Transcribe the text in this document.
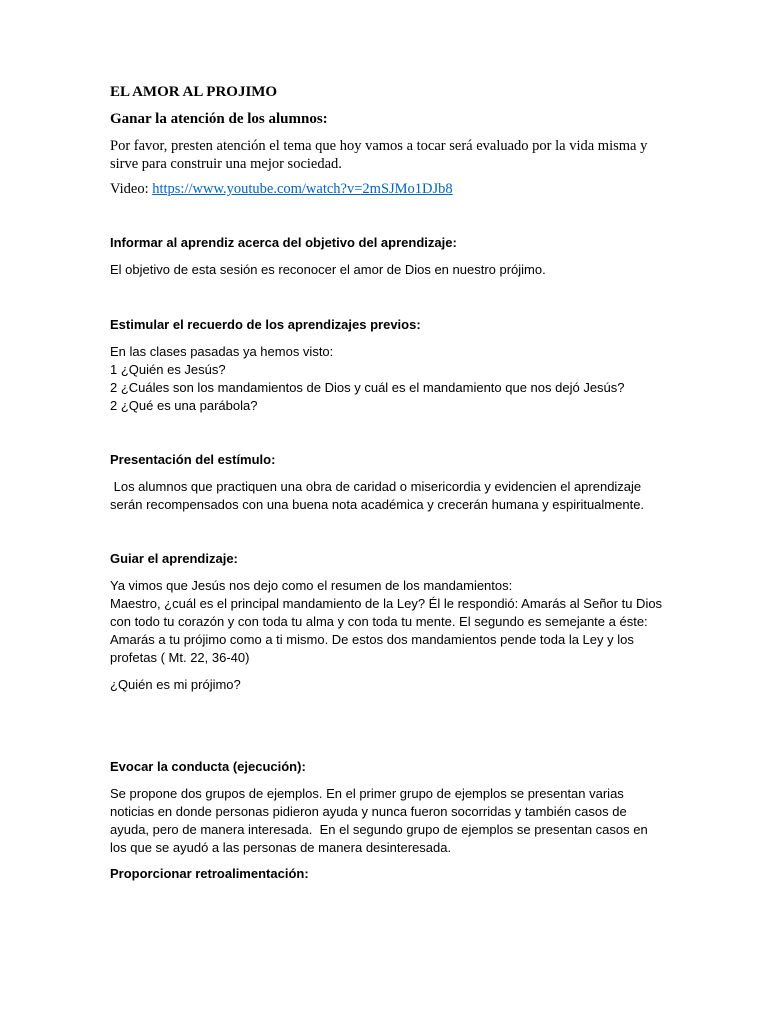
EL AMOR AL PROJIMO
Ganar la atención de los alumnos:
Por favor, presten atención el tema que hoy vamos a tocar será evaluado por la vida misma y
sirve para construir una mejor sociedad.
Video: https://www.youtube.com/watch?v=2mSJMo1DJb8
Informar al aprendiz acerca del objetivo del aprendizaje:
El objetivo de esta sesión es reconocer el amor de Dios en nuestro prójimo.
Estimular el recuerdo de los aprendizajes previos:
En las clases pasadas ya hemos visto:
1 ¿Quién es Jesús?
2 ¿Cuáles son los mandamientos de Dios y cuál es el mandamiento que nos dejó Jesús?
2 ¿Qué es una parábola?
Presentación del estímulo:
Los alumnos que practiquen una obra de caridad o misericordia y evidencien el aprendizaje
serán recompensados con una buena nota académica y crecerán humana y espiritualmente.
Guiar el aprendizaje:
Ya vimos que Jesús nos dejo como el resumen de los mandamientos:
Maestro, ¿cuál es el principal mandamiento de la Ley? Él le respondió: Amarás al Señor tu Dios
con todo tu corazón y con toda tu alma y con toda tu mente. El segundo es semejante a éste:
Amarás a tu prójimo como a ti mismo. De estos dos mandamientos pende toda la Ley y los
profetas ( Mt. 22, 36-40)
¿Quién es mi prójimo?
Evocar la conducta (ejecución):
Se propone dos grupos de ejemplos. En el primer grupo de ejemplos se presentan varias
noticias en donde personas pidieron ayuda y nunca fueron socorridas y también casos de
ayuda, pero de manera interesada.  En el segundo grupo de ejemplos se presentan casos en
los que se ayudó a las personas de manera desinteresada.
Proporcionar retroalimentación:
